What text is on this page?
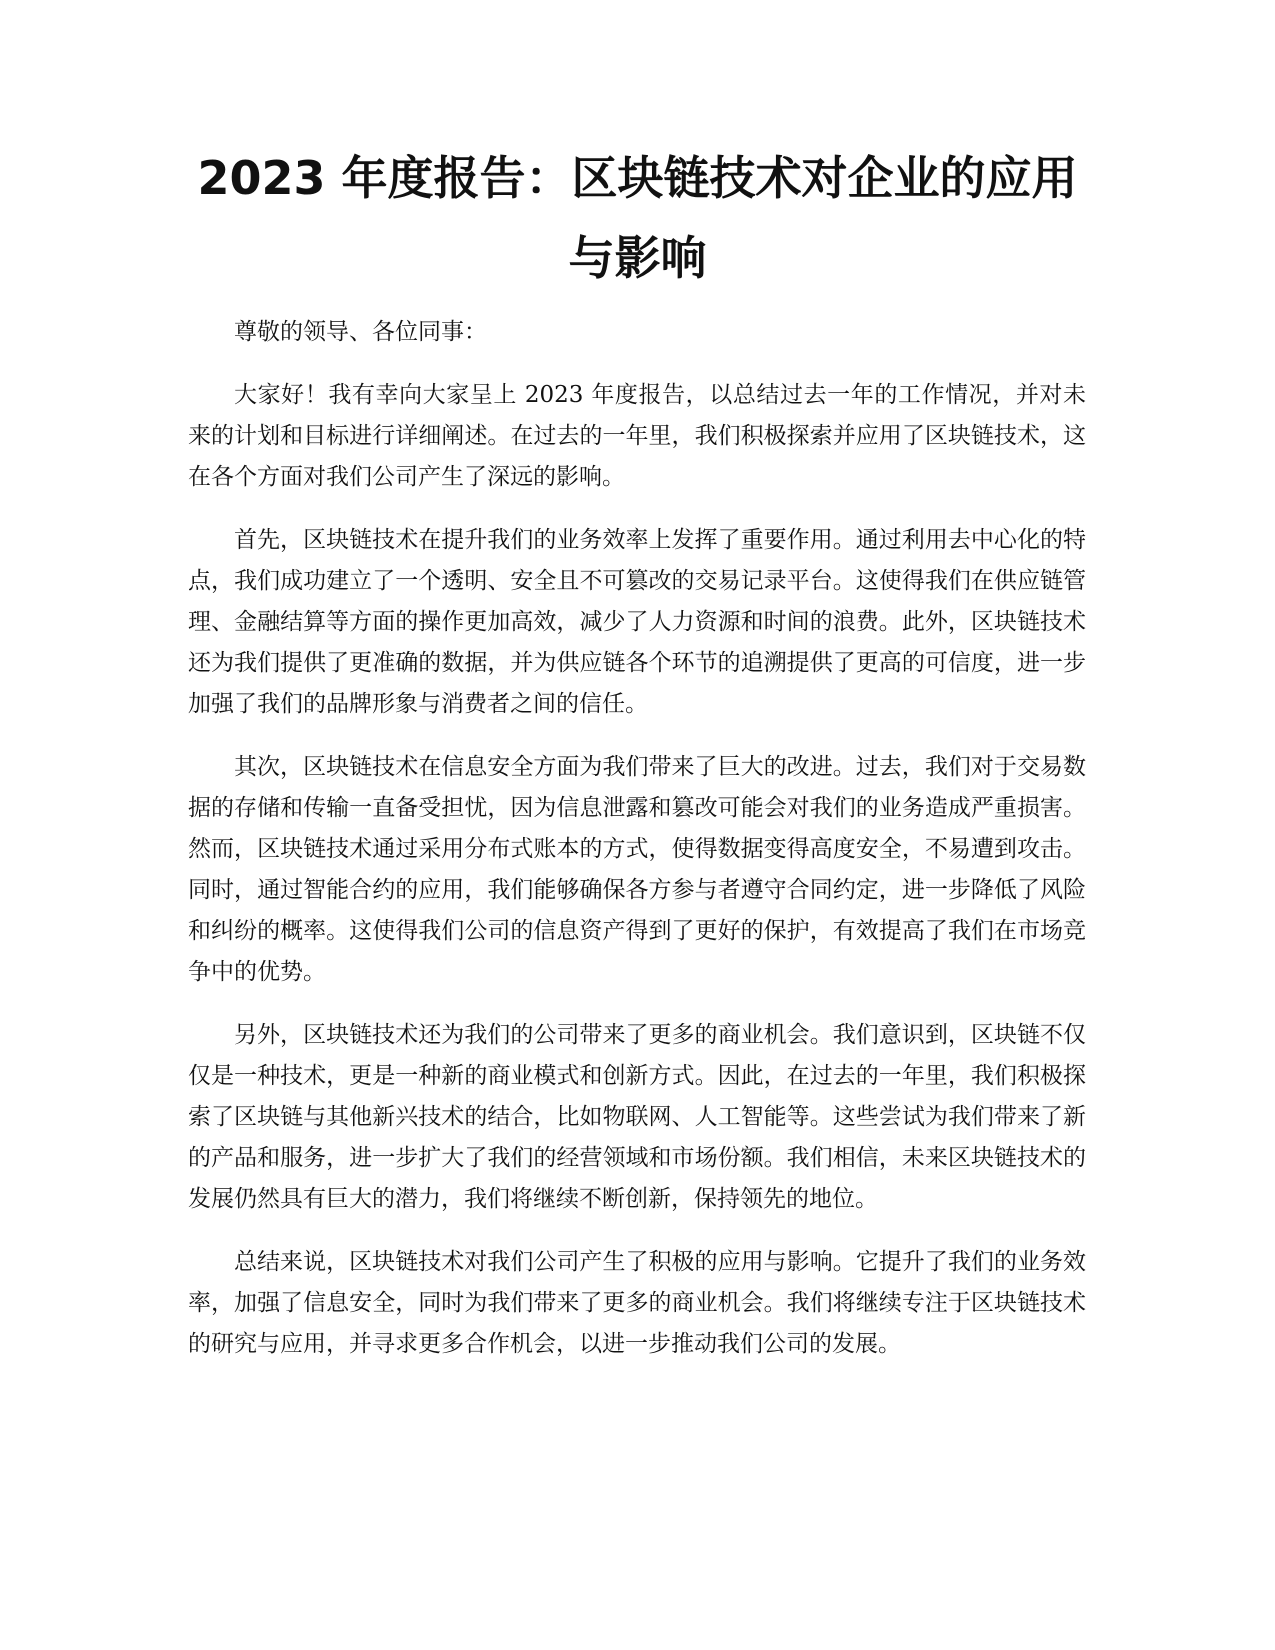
2023 年度报告：区块链技术对企业的应用与影响

尊敬的领导、各位同事：

大家好！我有幸向大家呈上 2023 年度报告，以总结过去一年的工作情况，并对未来的计划和目标进行详细阐述。在过去的一年里，我们积极探索并应用了区块链技术，这在各个方面对我们公司产生了深远的影响。

首先，区块链技术在提升我们的业务效率上发挥了重要作用。通过利用去中心化的特点，我们成功建立了一个透明、安全且不可篡改的交易记录平台。这使得我们在供应链管理、金融结算等方面的操作更加高效，减少了人力资源和时间的浪费。此外，区块链技术还为我们提供了更准确的数据，并为供应链各个环节的追溯提供了更高的可信度，进一步加强了我们的品牌形象与消费者之间的信任。

其次，区块链技术在信息安全方面为我们带来了巨大的改进。过去，我们对于交易数据的存储和传输一直备受担忧，因为信息泄露和篡改可能会对我们的业务造成严重损害。然而，区块链技术通过采用分布式账本的方式，使得数据变得高度安全，不易遭到攻击。同时，通过智能合约的应用，我们能够确保各方参与者遵守合同约定，进一步降低了风险和纠纷的概率。这使得我们公司的信息资产得到了更好的保护，有效提高了我们在市场竞争中的优势。

另外，区块链技术还为我们的公司带来了更多的商业机会。我们意识到，区块链不仅仅是一种技术，更是一种新的商业模式和创新方式。因此，在过去的一年里，我们积极探索了区块链与其他新兴技术的结合，比如物联网、人工智能等。这些尝试为我们带来了新的产品和服务，进一步扩大了我们的经营领域和市场份额。我们相信，未来区块链技术的发展仍然具有巨大的潜力，我们将继续不断创新，保持领先的地位。

总结来说，区块链技术对我们公司产生了积极的应用与影响。它提升了我们的业务效率，加强了信息安全，同时为我们带来了更多的商业机会。我们将继续专注于区块链技术的研究与应用，并寻求更多合作机会，以进一步推动我们公司的发展。
